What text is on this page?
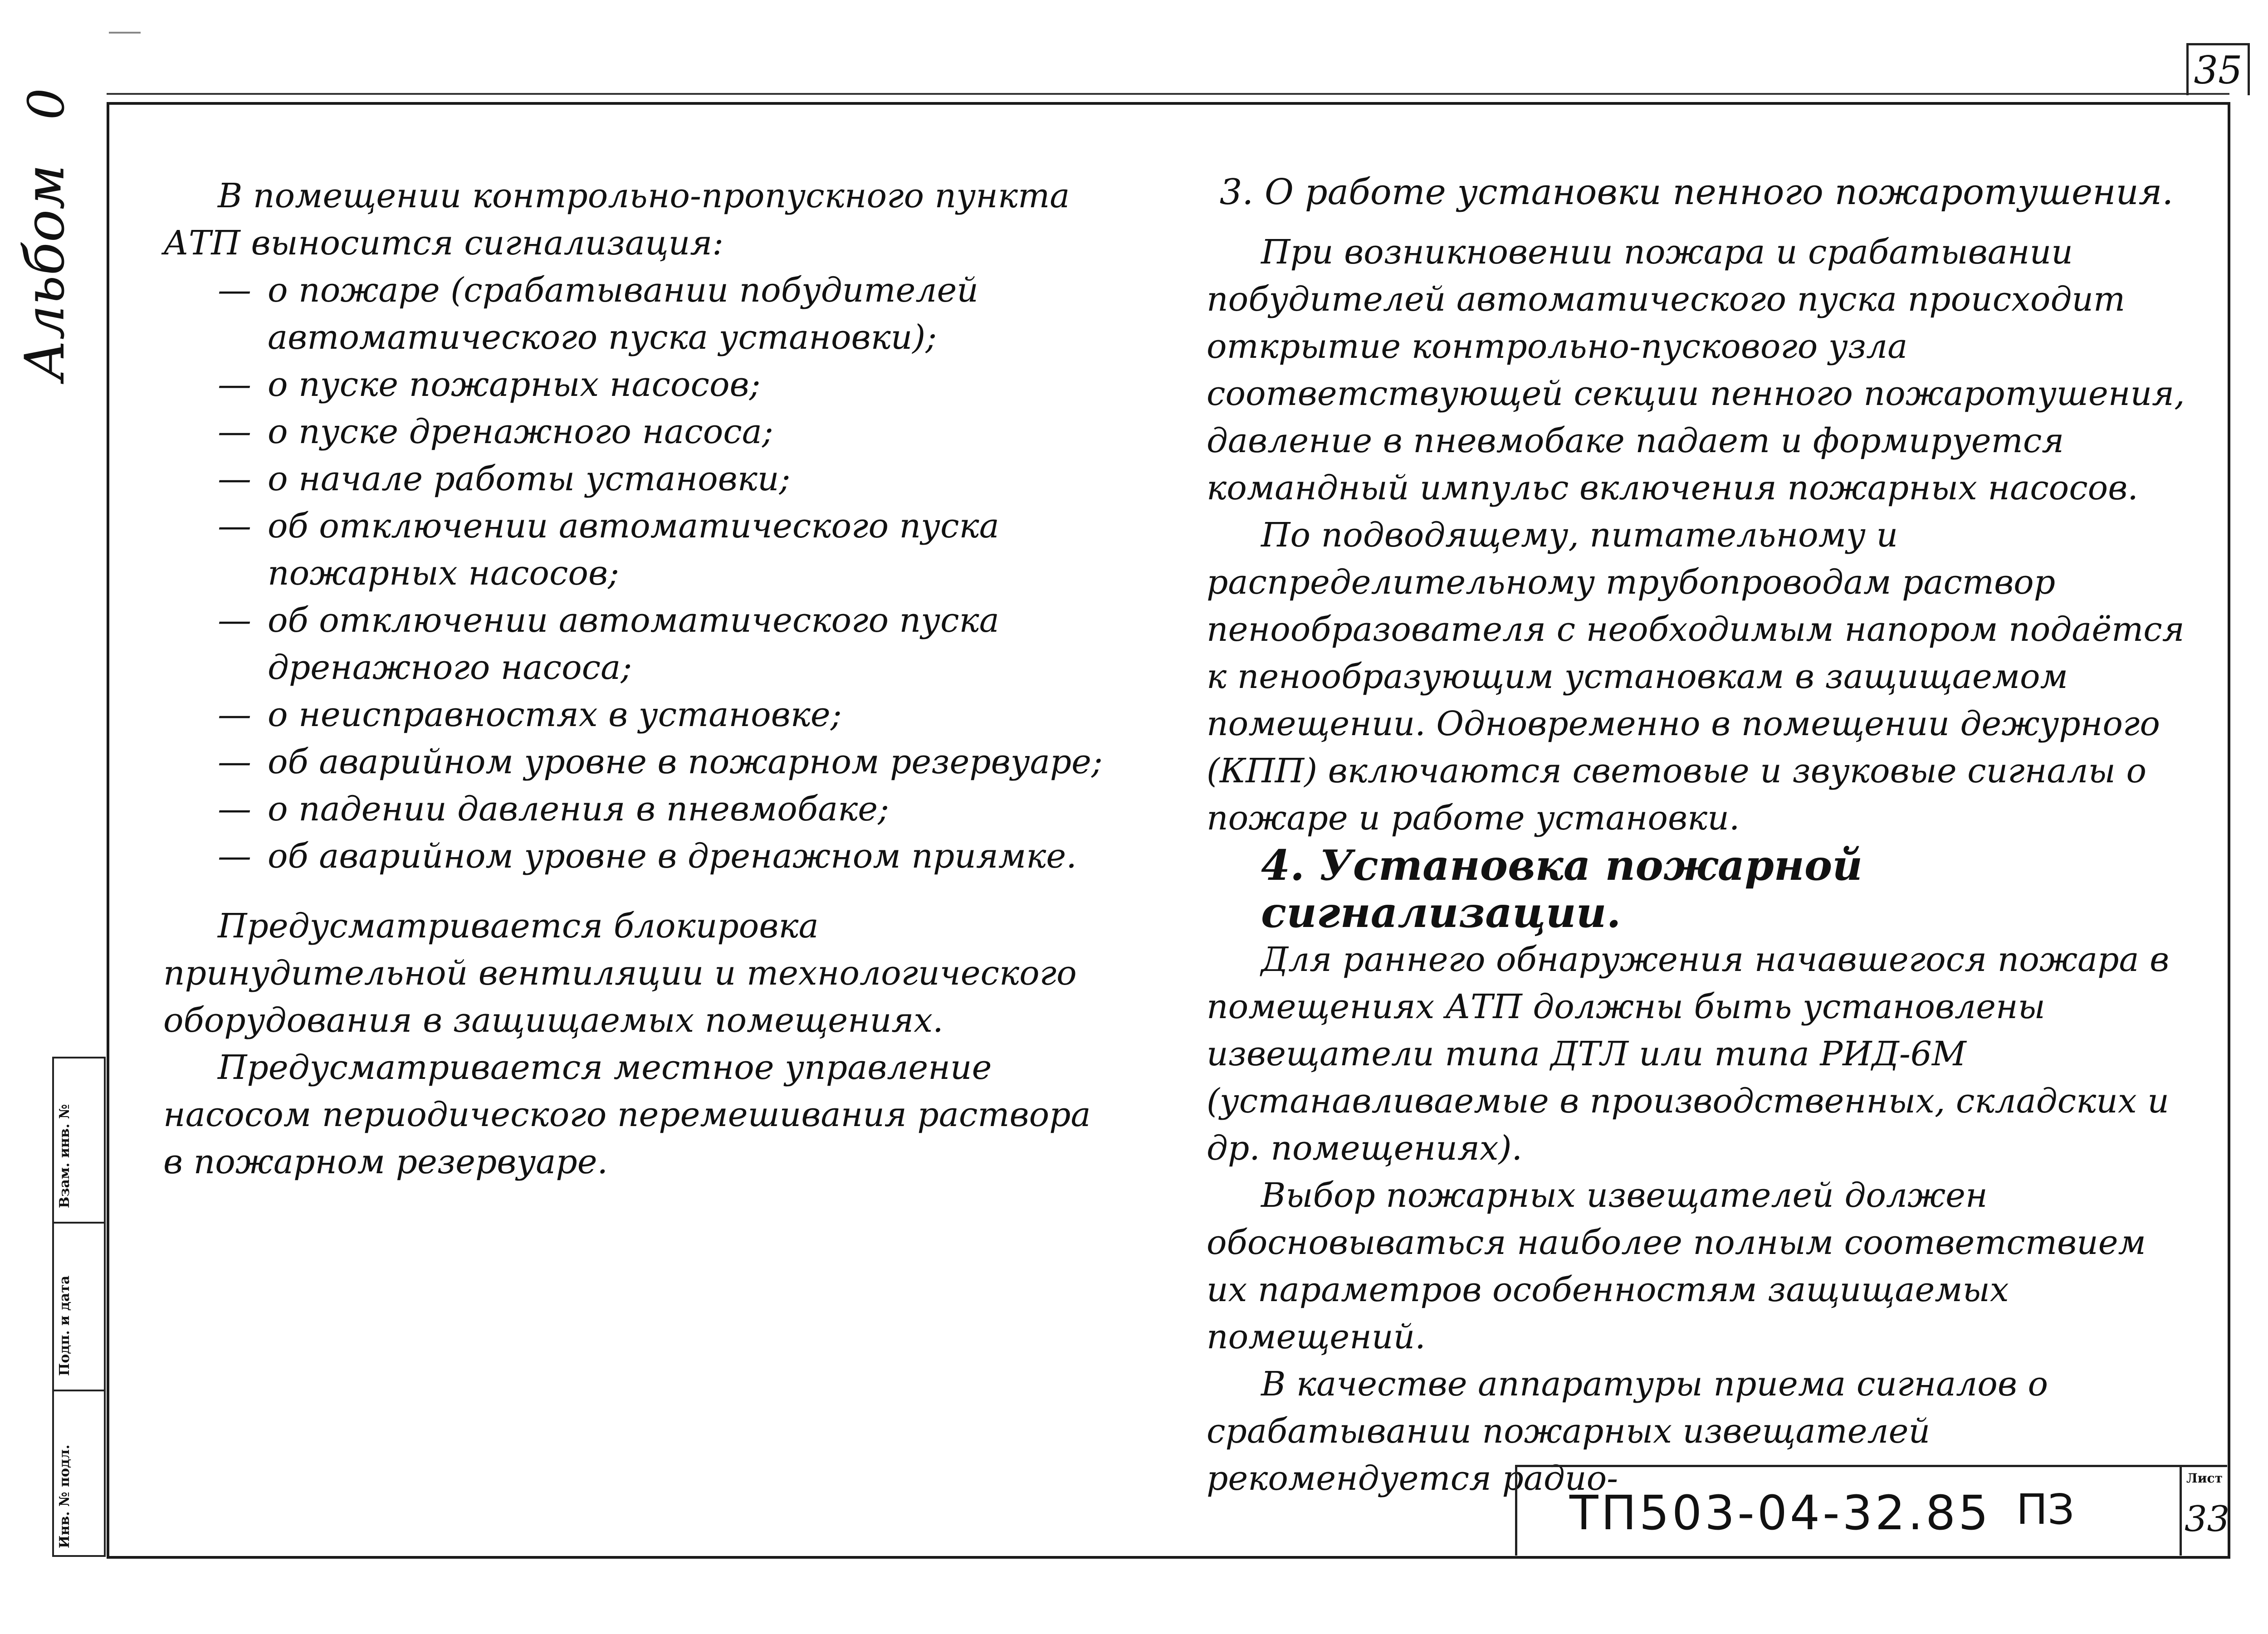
35
Альбом 0
Взам. инв. №
Подп. и дата
Инв. № подл.

В помещении контрольно-пропускного пункта АТП выносится сигнализация:

— о пожаре (срабатывании побудителей автоматического пуска установки);
— о пуске пожарных насосов;
— о пуске дренажного насоса;
— о начале работы установки;
— об отключении автоматического пуска пожарных насосов;
— об отключении автоматического пуска дренажного насоса;
— о неисправностях в установке;
— об аварийном уровне в пожарном резервуаре;
— о падении давления в пневмобаке;
— об аварийном уровне в дренажном приямке.

Предусматривается блокировка принудительной вентиляции и технологического оборудования в защищаемых помещениях.

Предусматривается местное управление насосом периодического перемешивания раствора в пожарном резервуаре.

3. О работе установки пенного пожаротушения.

При возникновении пожара и срабатывании побудителей автоматического пуска происходит открытие контрольно-пускового узла соответствующей секции пенного пожаротушения, давление в пневмобаке падает и формируется командный импульс включения пожарных насосов.

По подводящему, питательному и распределительному трубопроводам раствор пенообразователя с необходимым напором подаётся к пенообразующим установкам в защищаемом помещении. Одновременно в помещении дежурного (КПП) включаются световые и звуковые сигналы о пожаре и работе установки.

4. Установка пожарной сигнализации.

Для раннего обнаружения начавшегося пожара в помещениях АТП должны быть установлены извещатели типа ДТЛ или типа РИД-6М (устанавливаемые в производственных, складских и др. помещениях).

Выбор пожарных извещателей должен обосновываться наиболее полным соответствием их параметров особенностям защищаемых помещений.

В качестве аппаратуры приема сигналов о срабатывании пожарных извещателей рекомендуется радио-

ТП503-04-32.85 ПЗ
Лист
33
